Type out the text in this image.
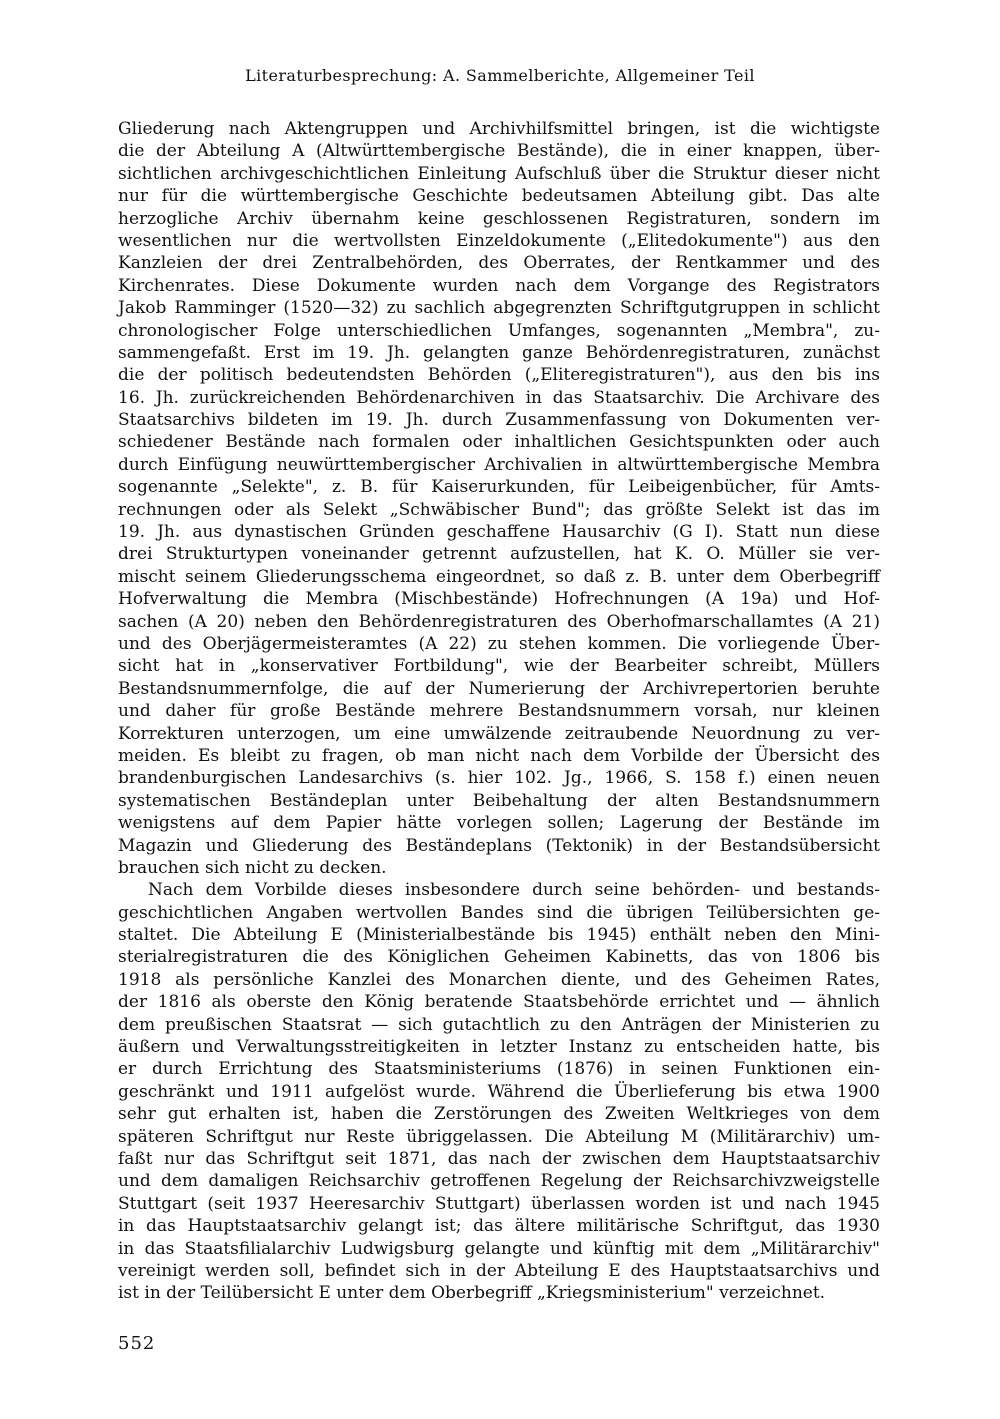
Literaturbesprechung: A. Sammelberichte, Allgemeiner Teil
Gliederung nach Aktengruppen und Archivhilfsmittel bringen, ist die wichtigste
die der Abteilung A (Altwürttembergische Bestände), die in einer knappen, über-
sichtlichen archivgeschichtlichen Einleitung Aufschluß über die Struktur dieser nicht
nur für die württembergische Geschichte bedeutsamen Abteilung gibt. Das alte
herzogliche Archiv übernahm keine geschlossenen Registraturen, sondern im
wesentlichen nur die wertvollsten Einzeldokumente („Elitedokumente") aus den
Kanzleien der drei Zentralbehörden, des Oberrates, der Rentkammer und des
Kirchenrates. Diese Dokumente wurden nach dem Vorgange des Registrators
Jakob Ramminger (1520—32) zu sachlich abgegrenzten Schriftgutgruppen in schlicht
chronologischer Folge unterschiedlichen Umfanges, sogenannten „Membra", zu-
sammengefaßt. Erst im 19. Jh. gelangten ganze Behördenregistraturen, zunächst
die der politisch bedeutendsten Behörden („Eliteregistraturen"), aus den bis ins
16. Jh. zurückreichenden Behördenarchiven in das Staatsarchiv. Die Archivare des
Staatsarchivs bildeten im 19. Jh. durch Zusammenfassung von Dokumenten ver-
schiedener Bestände nach formalen oder inhaltlichen Gesichtspunkten oder auch
durch Einfügung neuwürttembergischer Archivalien in altwürttembergische Membra
sogenannte „Selekte", z. B. für Kaiserurkunden, für Leibeigenbücher, für Amts-
rechnungen oder als Selekt „Schwäbischer Bund"; das größte Selekt ist das im
19. Jh. aus dynastischen Gründen geschaffene Hausarchiv (G I). Statt nun diese
drei Strukturtypen voneinander getrennt aufzustellen, hat K. O. Müller sie ver-
mischt seinem Gliederungsschema eingeordnet, so daß z. B. unter dem Oberbegriff
Hofverwaltung die Membra (Mischbestände) Hofrechnungen (A 19a) und Hof-
sachen (A 20) neben den Behördenregistraturen des Oberhofmarschallamtes (A 21)
und des Oberjägermeisteramtes (A 22) zu stehen kommen. Die vorliegende Über-
sicht hat in „konservativer Fortbildung", wie der Bearbeiter schreibt, Müllers
Bestandsnummernfolge, die auf der Numerierung der Archivrepertorien beruhte
und daher für große Bestände mehrere Bestandsnummern vorsah, nur kleinen
Korrekturen unterzogen, um eine umwälzende zeitraubende Neuordnung zu ver-
meiden. Es bleibt zu fragen, ob man nicht nach dem Vorbilde der Übersicht des
brandenburgischen Landesarchivs (s. hier 102. Jg., 1966, S. 158 f.) einen neuen
systematischen Beständeplan unter Beibehaltung der alten Bestandsnummern
wenigstens auf dem Papier hätte vorlegen sollen; Lagerung der Bestände im
Magazin und Gliederung des Beständeplans (Tektonik) in der Bestandsübersicht
brauchen sich nicht zu decken.
Nach dem Vorbilde dieses insbesondere durch seine behörden- und bestands-
geschichtlichen Angaben wertvollen Bandes sind die übrigen Teilübersichten ge-
staltet. Die Abteilung E (Ministerialbestände bis 1945) enthält neben den Mini-
sterialregistraturen die des Königlichen Geheimen Kabinetts, das von 1806 bis
1918 als persönliche Kanzlei des Monarchen diente, und des Geheimen Rates,
der 1816 als oberste den König beratende Staatsbehörde errichtet und — ähnlich
dem preußischen Staatsrat — sich gutachtlich zu den Anträgen der Ministerien zu
äußern und Verwaltungsstreitigkeiten in letzter Instanz zu entscheiden hatte, bis
er durch Errichtung des Staatsministeriums (1876) in seinen Funktionen ein-
geschränkt und 1911 aufgelöst wurde. Während die Überlieferung bis etwa 1900
sehr gut erhalten ist, haben die Zerstörungen des Zweiten Weltkrieges von dem
späteren Schriftgut nur Reste übriggelassen. Die Abteilung M (Militärarchiv) um-
faßt nur das Schriftgut seit 1871, das nach der zwischen dem Hauptstaatsarchiv
und dem damaligen Reichsarchiv getroffenen Regelung der Reichsarchivzweigstelle
Stuttgart (seit 1937 Heeresarchiv Stuttgart) überlassen worden ist und nach 1945
in das Hauptstaatsarchiv gelangt ist; das ältere militärische Schriftgut, das 1930
in das Staatsfilialarchiv Ludwigsburg gelangte und künftig mit dem „Militärarchiv"
vereinigt werden soll, befindet sich in der Abteilung E des Hauptstaatsarchivs und
ist in der Teilübersicht E unter dem Oberbegriff „Kriegsministerium" verzeichnet.
552
